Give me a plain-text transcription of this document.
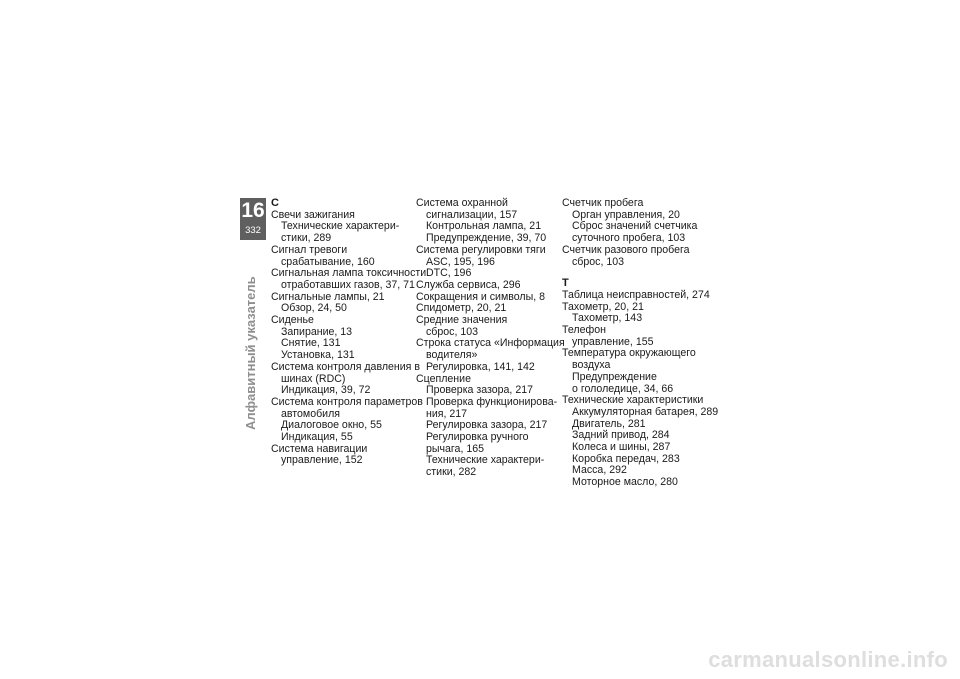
16
332
Алфавитный указатель
С
Свечи зажигания
Технические характери-
стики, 289
Сигнал тревоги
срабатывание, 160
Сигнальная лампа токсичности
отработавших газов, 37, 71
Сигнальные лампы, 21
Обзор, 24, 50
Сиденье
Запирание, 13
Снятие, 131
Установка, 131
Система контроля давления в
шинах (RDC)
Индикация, 39, 72
Система контроля параметров
автомобиля
Диалоговое окно, 55
Индикация, 55
Система навигации
управление, 152
Система охранной
сигнализации, 157
Контрольная лампа, 21
Предупреждение, 39, 70
Система регулировки тяги
ASC, 195, 196
DTC, 196
Служба сервиса, 296
Сокращения и символы, 8
Спидометр, 20, 21
Средние значения
сброс, 103
Строка статуса «Информация
водителя»
Регулировка, 141, 142
Сцепление
Проверка зазора, 217
Проверка функционирова-
ния, 217
Регулировка зазора, 217
Регулировка ручного
рычага, 165
Технические характери-
стики, 282
Счетчик пробега
Орган управления, 20
Сброс значений счетчика
суточного пробега, 103
Счетчик разового пробега
сброс, 103
Т
Таблица неисправностей, 274
Тахометр, 20, 21
Тахометр, 143
Телефон
управление, 155
Температура окружающего
воздуха
Предупреждение
о гололедице, 34, 66
Технические характеристики
Аккумуляторная батарея, 289
Двигатель, 281
Задний привод, 284
Колеса и шины, 287
Коробка передач, 283
Масса, 292
Моторное масло, 280
carmanualsonline.info
